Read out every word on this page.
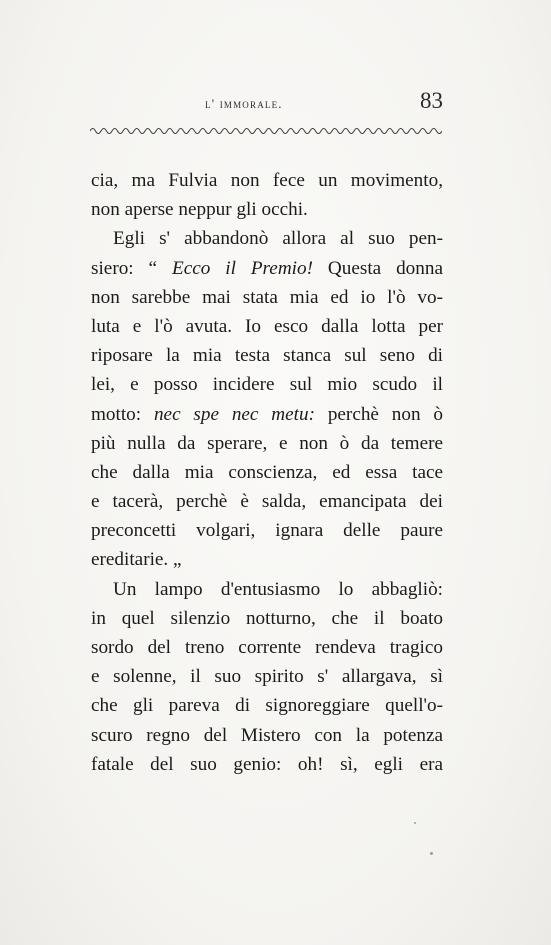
l' immorale.	83
cia, ma Fulvia non fece un movimento,
non aperse neppur gli occhi.
Egli s' abbandonò allora al suo pen-
siero: “ Ecco il Premio! Questa donna
non sarebbe mai stata mia ed io l'ò vo-
luta e l'ò avuta. Io esco dalla lotta per
riposare la mia testa stanca sul seno di
lei, e posso incidere sul mio scudo il
motto: nec spe nec metu: perchè non ò
più nulla da sperare, e non ò da temere
che dalla mia conscienza, ed essa tace
e tacerà, perchè è salda, emancipata dei
preconcetti volgari, ignara delle paure
ereditarie. „
Un lampo d'entusiasmo lo abbagliò:
in quel silenzio notturno, che il boato
sordo del treno corrente rendeva tragico
e solenne, il suo spirito s' allargava, sì
che gli pareva di signoreggiare quell'o-
scuro regno del Mistero con la potenza
fatale del suo genio: oh! sì, egli era
